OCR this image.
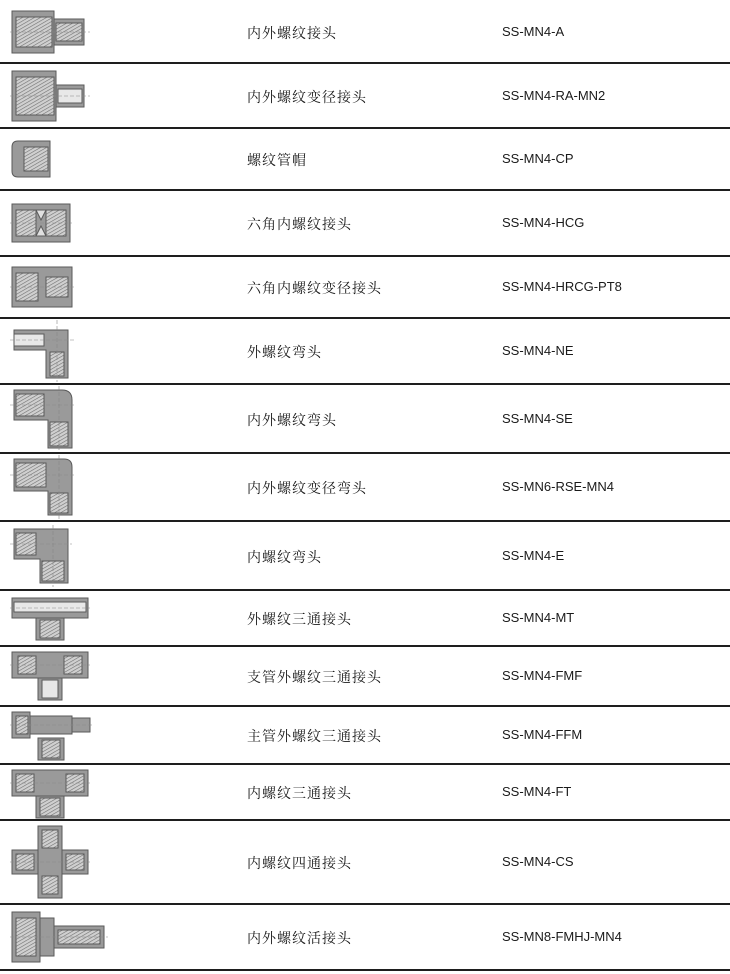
内外螺纹接头	SS-MN4-A
内外螺纹变径接头	SS-MN4-RA-MN2
螺纹管帽	SS-MN4-CP
六角内螺纹接头	SS-MN4-HCG
六角内螺纹变径接头	SS-MN4-HRCG-PT8
外螺纹弯头	SS-MN4-NE
内外螺纹弯头	SS-MN4-SE
内外螺纹变径弯头	SS-MN6-RSE-MN4
内螺纹弯头	SS-MN4-E
外螺纹三通接头	SS-MN4-MT
支管外螺纹三通接头	SS-MN4-FMF
主管外螺纹三通接头	SS-MN4-FFM
内螺纹三通接头	SS-MN4-FT
内螺纹四通接头	SS-MN4-CS
内外螺纹活接头	SS-MN8-FMHJ-MN4
